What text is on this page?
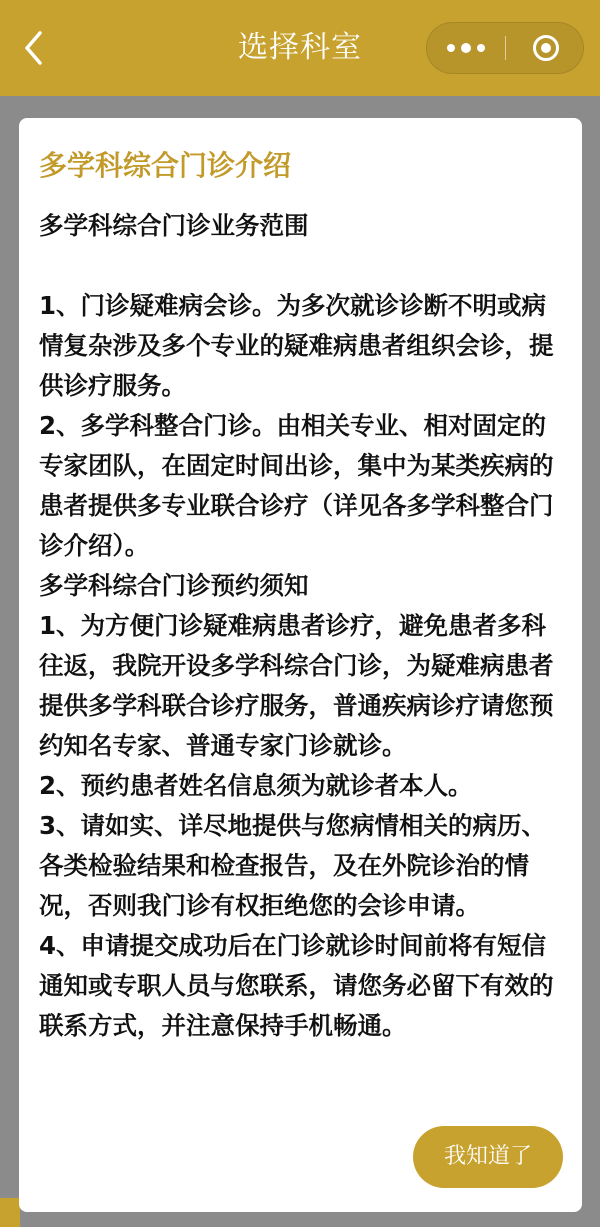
选择科室
多学科综合门诊介绍

多学科综合门诊业务范围

1、门诊疑难病会诊。为多次就诊诊断不明或病情复杂涉及多个专业的疑难病患者组织会诊，提供诊疗服务。

2、多学科整合门诊。由相关专业、相对固定的专家团队，在固定时间出诊，集中为某类疾病的患者提供多专业联合诊疗（详见各多学科整合门诊介绍）。

多学科综合门诊预约须知

1、为方便门诊疑难病患者诊疗，避免患者多科往返，我院开设多学科综合门诊，为疑难病患者提供多学科联合诊疗服务，普通疾病诊疗请您预约知名专家、普通专家门诊就诊。

2、预约患者姓名信息须为就诊者本人。

3、请如实、详尽地提供与您病情相关的病历、各类检验结果和检查报告，及在外院诊治的情况，否则我门诊有权拒绝您的会诊申请。

4、申请提交成功后在门诊就诊时间前将有短信通知或专职人员与您联系，请您务必留下有效的联系方式，并注意保持手机畅通。

我知道了
